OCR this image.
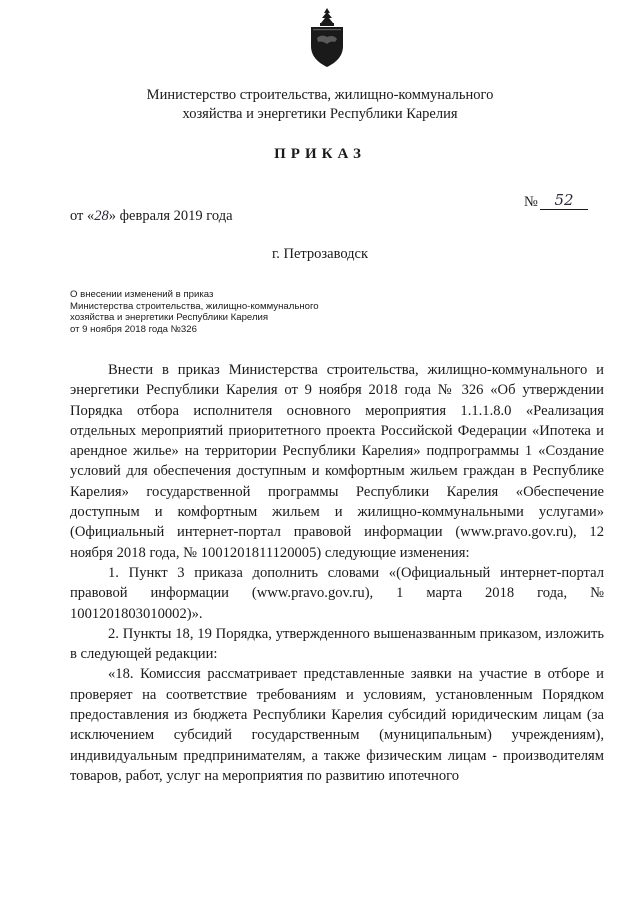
Министерство строительства, жилищно-коммунального
хозяйства и энергетики Республики Карелия
ПРИКАЗ
№	52
от «28» февраля 2019 года
г. Петрозаводск
О внесении изменений в приказ
Министерства строительства, жилищно-коммунального
хозяйства и энергетики Республики Карелия
от 9 ноября 2018 года №326

Внести в приказ Министерства строительства, жилищно-коммунального и энергетики Республики Карелия от 9 ноября 2018 года № 326 «Об утверждении Порядка отбора исполнителя основного мероприятия 1.1.1.8.0 «Реализация отдельных мероприятий приоритетного проекта Российской Федерации «Ипотека и арендное жилье» на территории Республики Карелия» подпрограммы 1 «Создание условий для обеспечения доступным и комфортным жильем граждан в Республике Карелия» государственной программы Республики Карелия «Обеспечение доступным и комфортным жильем и жилищно-коммунальными услугами» (Официальный интернет-портал правовой информации (www.pravo.gov.ru), 12 ноября 2018 года, № 1001201811120005) следующие изменения:

1. Пункт 3 приказа дополнить словами «(Официальный интернет-портал правовой информации (www.pravo.gov.ru), 1 марта 2018 года, № 1001201803010002)».

2. Пункты 18, 19 Порядка, утвержденного вышеназванным приказом, изложить в следующей редакции:

«18. Комиссия рассматривает представленные заявки на участие в отборе и проверяет на соответствие требованиям и условиям, установленным Порядком предоставления из бюджета Республики Карелия субсидий юридическим лицам (за исключением субсидий государственным (муниципальным) учреждениям), индивидуальным предпринимателям, а также физическим лицам - производителям товаров, работ, услуг на мероприятия по развитию ипотечного
